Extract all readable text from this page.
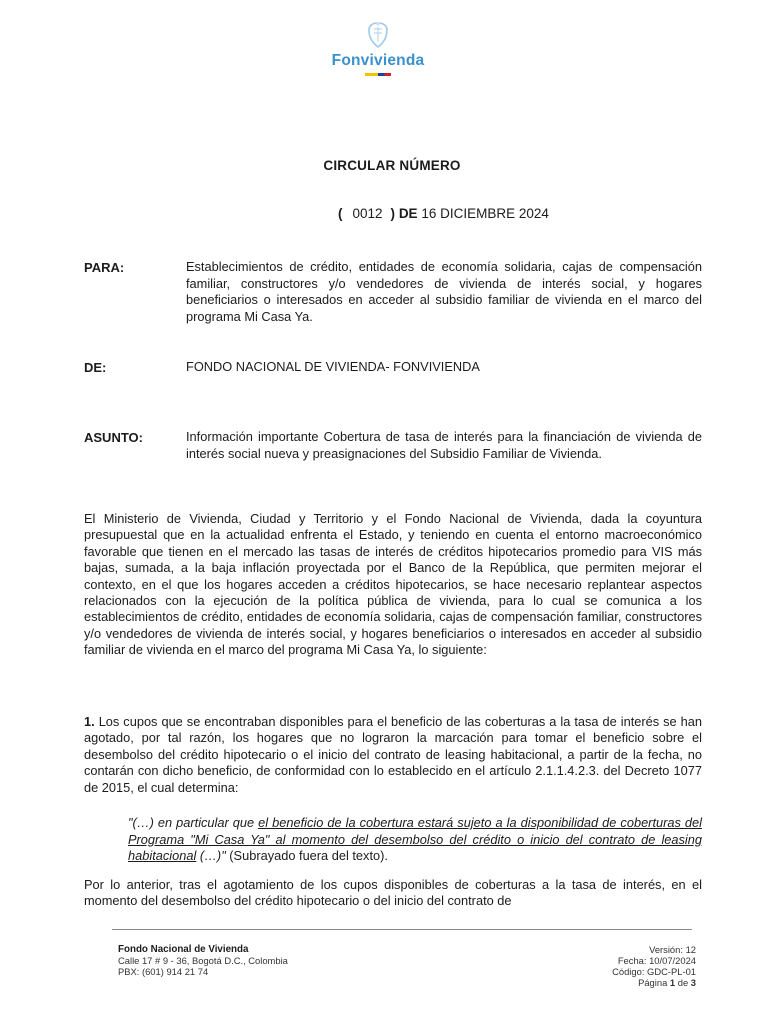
Fonvivienda
CIRCULAR NÚMERO
( 0012 ) DE 16 DICIEMBRE 2024
PARA:	Establecimientos de crédito, entidades de economía solidaria, cajas de compensación familiar, constructores y/o vendedores de vivienda de interés social, y hogares beneficiarios o interesados en acceder al subsidio familiar de vivienda en el marco del programa Mi Casa Ya.
DE:	FONDO NACIONAL DE VIVIENDA- FONVIVIENDA
ASUNTO:	Información importante Cobertura de tasa de interés para la financiación de vivienda de interés social nueva y preasignaciones del Subsidio Familiar de Vivienda.
El Ministerio de Vivienda, Ciudad y Territorio y el Fondo Nacional de Vivienda, dada la coyuntura presupuestal que en la actualidad enfrenta el Estado, y teniendo en cuenta el entorno macroeconómico favorable que tienen en el mercado las tasas de interés de créditos hipotecarios promedio para VIS más bajas, sumada, a la baja inflación proyectada por el Banco de la República, que permiten mejorar el contexto, en el que los hogares acceden a créditos hipotecarios, se hace necesario replantear aspectos relacionados con la ejecución de la política pública de vivienda, para lo cual se comunica a los establecimientos de crédito, entidades de economía solidaria, cajas de compensación familiar, constructores y/o vendedores de vivienda de interés social, y hogares beneficiarios o interesados en acceder al subsidio familiar de vivienda en el marco del programa Mi Casa Ya, lo siguiente:
1. Los cupos que se encontraban disponibles para el beneficio de las coberturas a la tasa de interés se han agotado, por tal razón, los hogares que no lograron la marcación para tomar el beneficio sobre el desembolso del crédito hipotecario o el inicio del contrato de leasing habitacional, a partir de la fecha, no contarán con dicho beneficio, de conformidad con lo establecido en el artículo 2.1.1.4.2.3. del Decreto 1077 de 2015, el cual determina:
"(…) en particular que el beneficio de la cobertura estará sujeto a la disponibilidad de coberturas del Programa "Mi Casa Ya" al momento del desembolso del crédito o inicio del contrato de leasing habitacional (…)" (Subrayado fuera del texto).
Por lo anterior, tras el agotamiento de los cupos disponibles de coberturas a la tasa de interés, en el momento del desembolso del crédito hipotecario o del inicio del contrato de
Fondo Nacional de Vivienda
Calle 17 # 9 - 36, Bogotá D.C., Colombia
PBX: (601) 914 21 74
Versión: 12
Fecha: 10/07/2024
Código: GDC-PL-01
Página 1 de 3
